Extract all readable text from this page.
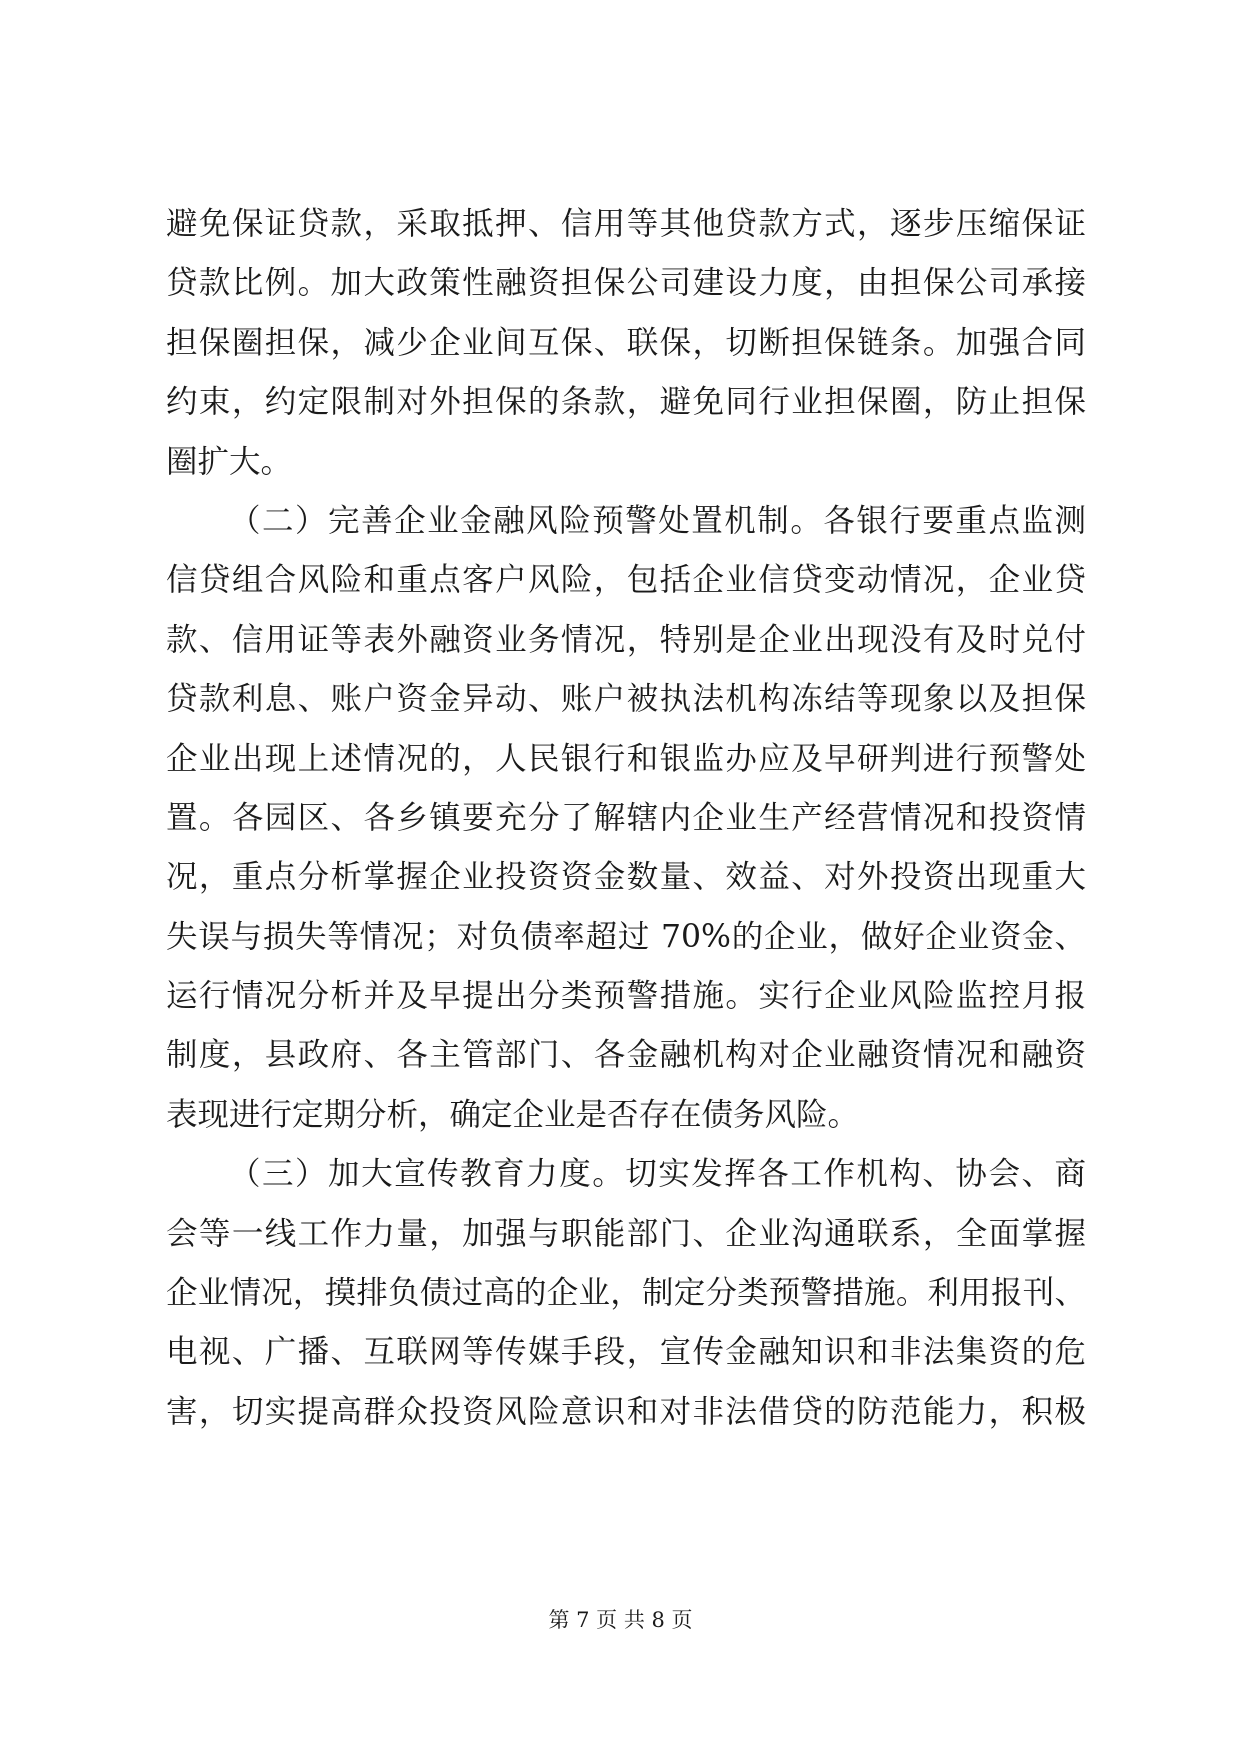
避免保证贷款，采取抵押、信用等其他贷款方式，逐步压缩保证
贷款比例。加大政策性融资担保公司建设力度，由担保公司承接
担保圈担保，减少企业间互保、联保，切断担保链条。加强合同
约束，约定限制对外担保的条款，避免同行业担保圈，防止担保
圈扩大。
（二）完善企业金融风险预警处置机制。各银行要重点监测
信贷组合风险和重点客户风险，包括企业信贷变动情况，企业贷
款、信用证等表外融资业务情况，特别是企业出现没有及时兑付
贷款利息、账户资金异动、账户被执法机构冻结等现象以及担保
企业出现上述情况的，人民银行和银监办应及早研判进行预警处
置。各园区、各乡镇要充分了解辖内企业生产经营情况和投资情
况，重点分析掌握企业投资资金数量、效益、对外投资出现重大
失误与损失等情况；对负债率超过 70%的企业，做好企业资金、
运行情况分析并及早提出分类预警措施。实行企业风险监控月报
制度，县政府、各主管部门、各金融机构对企业融资情况和融资
表现进行定期分析，确定企业是否存在债务风险。
（三）加大宣传教育力度。切实发挥各工作机构、协会、商
会等一线工作力量，加强与职能部门、企业沟通联系，全面掌握
企业情况，摸排负债过高的企业，制定分类预警措施。利用报刊、
电视、广播、互联网等传媒手段，宣传金融知识和非法集资的危
害，切实提高群众投资风险意识和对非法借贷的防范能力，积极
第 7 页 共 8 页
